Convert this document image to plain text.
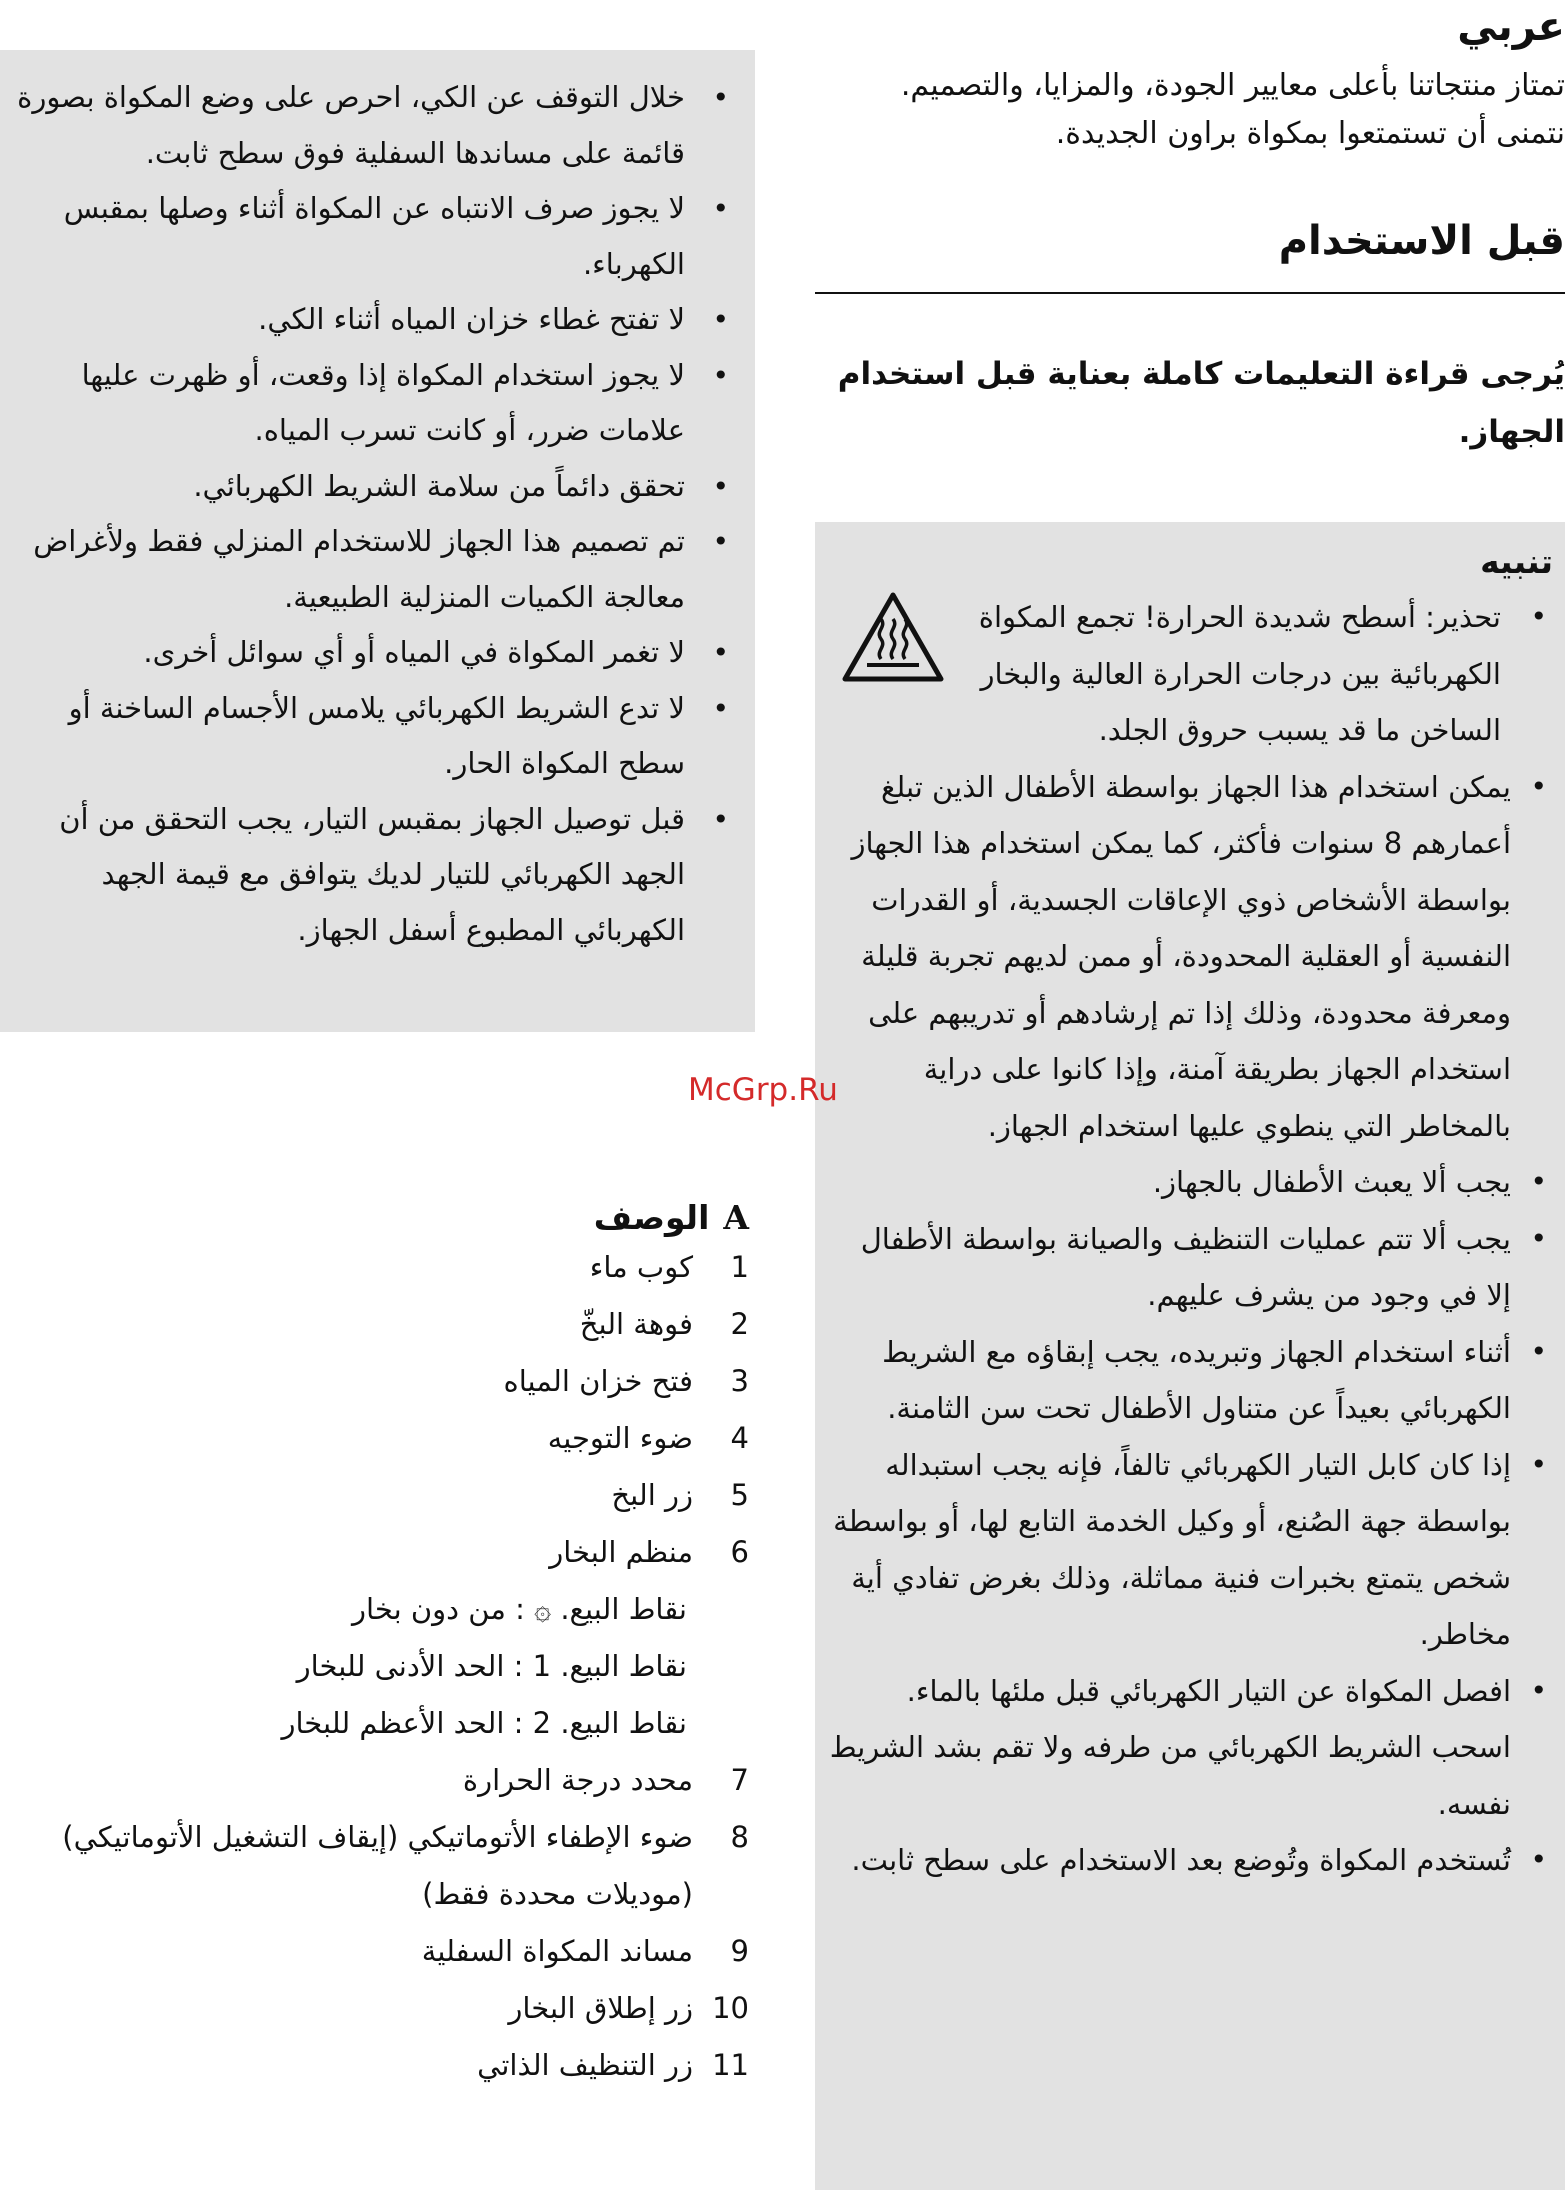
عربي

تمتاز منتجاتنا بأعلى معايير الجودة، والمزايا، والتصميم.

نتمنى أن تستمتعوا بمكواة براون الجديدة.

قبل الاستخدام

يُرجى قراءة التعليمات كاملة بعناية قبل استخدام الجهاز.

تنبيه
• تحذير: أسطح شديدة الحرارة! تجمع المكواة الكهربائية بين درجات الحرارة العالية والبخار الساخن ما قد يسبب حروق الجلد.
• يمكن استخدام هذا الجهاز بواسطة الأطفال الذين تبلغ أعمارهم 8 سنوات فأكثر، كما يمكن استخدام هذا الجهاز بواسطة الأشخاص ذوي الإعاقات الجسدية، أو القدرات النفسية أو العقلية المحدودة، أو ممن لديهم تجربة قليلة ومعرفة محدودة، وذلك إذا تم إرشادهم أو تدريبهم على استخدام الجهاز بطريقة آمنة، وإذا كانوا على دراية بالمخاطر التي ينطوي عليها استخدام الجهاز.
• يجب ألا يعبث الأطفال بالجهاز.
• يجب ألا تتم عمليات التنظيف والصيانة بواسطة الأطفال إلا في وجود من يشرف عليهم.
• أثناء استخدام الجهاز وتبريده، يجب إبقاؤه مع الشريط الكهربائي بعيداً عن متناول الأطفال تحت سن الثامنة.
• إذا كان كابل التيار الكهربائي تالفاً، فإنه يجب استبداله بواسطة جهة الصُنع، أو وكيل الخدمة التابع لها، أو بواسطة شخص يتمتع بخبرات فنية مماثلة، وذلك بغرض تفادي أية مخاطر.
• افصل المكواة عن التيار الكهربائي قبل ملئها بالماء. اسحب الشريط الكهربائي من طرفه ولا تقم بشد الشريط نفسه.
• تُستخدم المكواة وتُوضع بعد الاستخدام على سطح ثابت.
• خلال التوقف عن الكي، احرص على وضع المكواة بصورة قائمة على مساندها السفلية فوق سطح ثابت.
• لا يجوز صرف الانتباه عن المكواة أثناء وصلها بمقبس الكهرباء.
• لا تفتح غطاء خزان المياه أثناء الكي.
• لا يجوز استخدام المكواة إذا وقعت، أو ظهرت عليها علامات ضرر، أو كانت تسرب المياه.
• تحقق دائماً من سلامة الشريط الكهربائي.
• تم تصميم هذا الجهاز للاستخدام المنزلي فقط ولأغراض معالجة الكميات المنزلية الطبيعية.
• لا تغمر المكواة في المياه أو أي سوائل أخرى.
• لا تدع الشريط الكهربائي يلامس الأجسام الساخنة أو سطح المكواة الحار.
• قبل توصيل الجهاز بمقبس التيار، يجب التحقق من أن الجهد الكهربائي للتيار لديك يتوافق مع قيمة الجهد الكهربائي المطبوع أسفل الجهاز.
McGrp.Ru
Aالوصف
1
كوب ماء
2
فوهة البخّ
3
فتح خزان المياه
4
ضوء التوجيه
5
زر البخ
6
منظم البخار
نقاط البيع. ۞ : من دون بخار
نقاط البيع. 1 : الحد الأدنى للبخار
نقاط البيع. 2 : الحد الأعظم للبخار
7
محدد درجة الحرارة
8
ضوء الإطفاء الأتوماتيكي (إيقاف التشغيل الأتوماتيكي) (موديلات محددة فقط)
9
مساند المكواة السفلية
10
زر إطلاق البخار
11
زر التنظيف الذاتي
